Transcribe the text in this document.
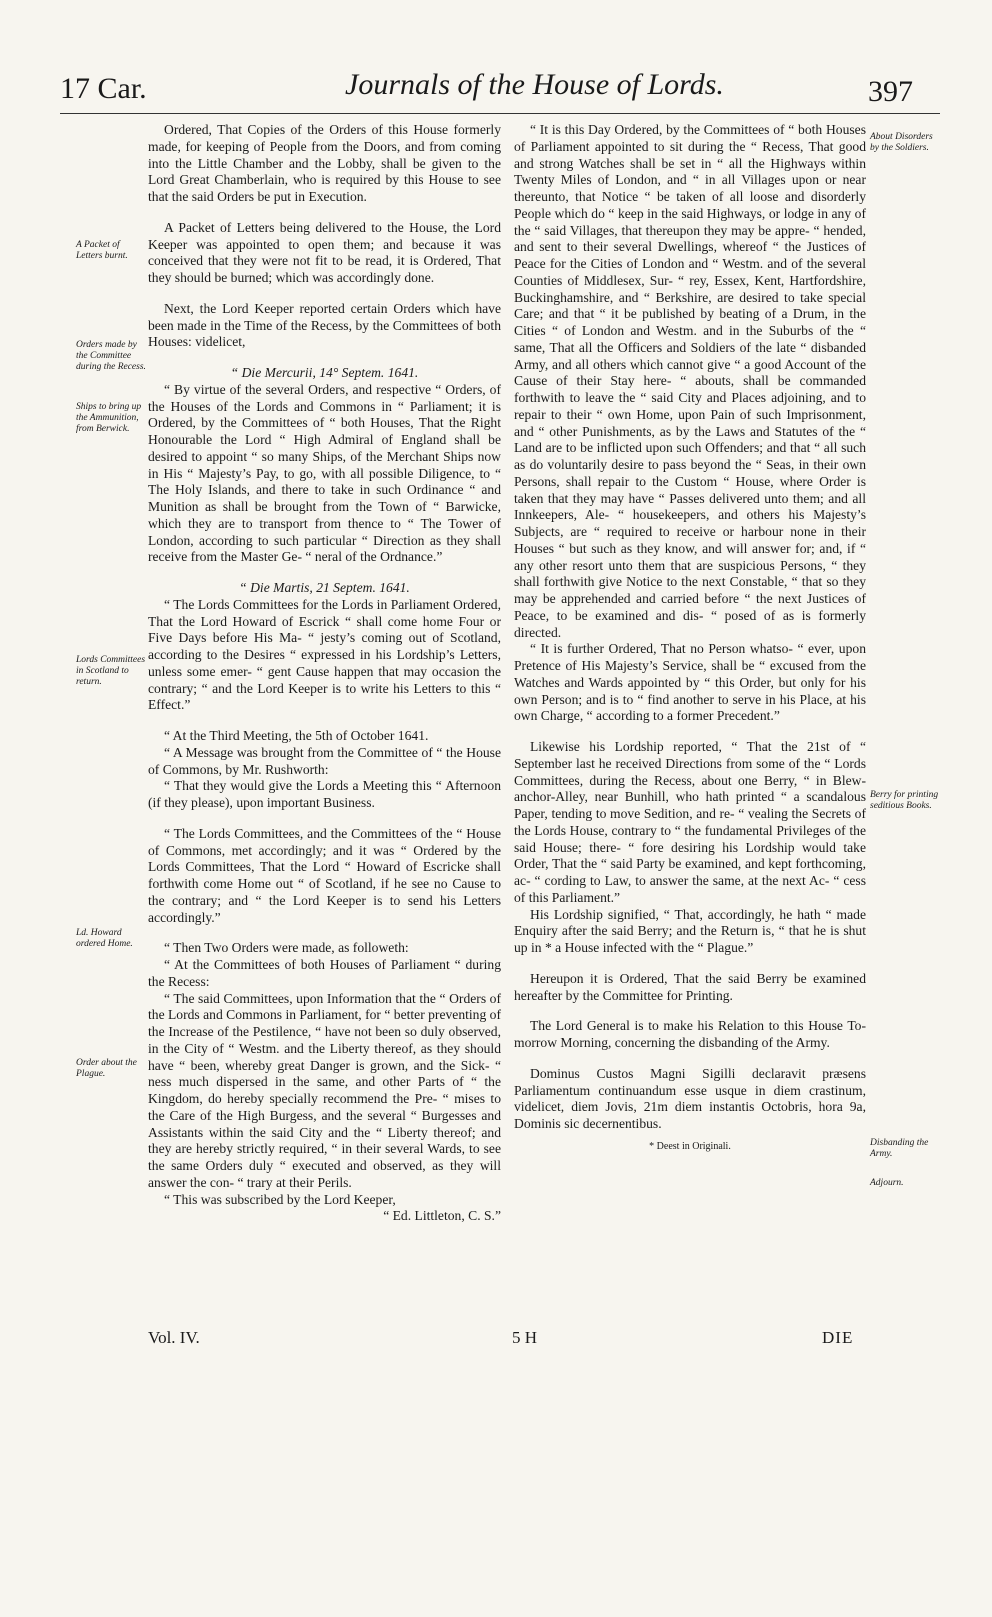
17 Car.	Journals of the House of Lords.	397

Ordered, That Copies of the Orders of this House formerly made, for keeping of People from the Doors, and from coming into the Little Chamber and the Lobby, shall be given to the Lord Great Chamberlain, who is required by this House to see that the said Orders be put in Execution.

A Packet of Letters being delivered to the House, the Lord Keeper was appointed to open them; and because it was conceived that they were not fit to be read, it is Ordered, That they should be burned; which was accordingly done.

Next, the Lord Keeper reported certain Orders which have been made in the Time of the Recess, by the Committees of both Houses: videlicet,

“ Die Mercurii, 14° Septem. 1641.

“ By virtue of the several Orders, and respective “ Orders, of the Houses of the Lords and Commons in “ Parliament; it is Ordered, by the Committees of “ both Houses, That the Right Honourable the Lord “ High Admiral of England shall be desired to appoint “ so many Ships, of the Merchant Ships now in His “ Majesty’s Pay, to go, with all possible Diligence, to “ The Holy Islands, and there to take in such Ordinance “ and Munition as shall be brought from the Town of “ Barwicke, which they are to transport from thence to “ The Tower of London, according to such particular “ Direction as they shall receive from the Master Ge- “ neral of the Ordnance.”

“ Die Martis, 21 Septem. 1641.

“ The Lords Committees for the Lords in Parliament Ordered, That the Lord Howard of Escrick “ shall come home Four or Five Days before His Ma- “ jesty’s coming out of Scotland, according to the Desires “ expressed in his Lordship’s Letters, unless some emer- “ gent Cause happen that may occasion the contrary; “ and the Lord Keeper is to write his Letters to this “ Effect.”

“ At the Third Meeting, the 5th of October 1641.

“ A Message was brought from the Committee of “ the House of Commons, by Mr. Rushworth:

“ That they would give the Lords a Meeting this “ Afternoon (if they please), upon important Business.

“ The Lords Committees, and the Committees of the “ House of Commons, met accordingly; and it was “ Ordered by the Lords Committees, That the Lord “ Howard of Escricke shall forthwith come Home out “ of Scotland, if he see no Cause to the contrary; and “ the Lord Keeper is to send his Letters accordingly.”

“ Then Two Orders were made, as followeth:

“ At the Committees of both Houses of Parliament “ during the Recess:

“ The said Committees, upon Information that the “ Orders of the Lords and Commons in Parliament, for “ better preventing of the Increase of the Pestilence, “ have not been so duly observed, in the City of “ Westm. and the Liberty thereof, as they should have “ been, whereby great Danger is grown, and the Sick- “ ness much dispersed in the same, and other Parts of “ the Kingdom, do hereby specially recommend the Pre- “ mises to the Care of the High Burgess, and the several “ Burgesses and Assistants within the said City and the “ Liberty thereof; and they are hereby strictly required, “ in their several Wards, to see the same Orders duly “ executed and observed, as they will answer the con- “ trary at their Perils.

“ This was subscribed by the Lord Keeper,

“ Ed. Littleton, C. S.”

“ It is this Day Ordered, by the Committees of “ both Houses of Parliament appointed to sit during the “ Recess, That good and strong Watches shall be set in “ all the Highways within Twenty Miles of London, and “ in all Villages upon or near thereunto, that Notice “ be taken of all loose and disorderly People which do “ keep in the said Highways, or lodge in any of the “ said Villages, that thereupon they may be appre- “ hended, and sent to their several Dwellings, whereof “ the Justices of Peace for the Cities of London and “ Westm. and of the several Counties of Middlesex, Sur- “ rey, Essex, Kent, Hartfordshire, Buckinghamshire, and “ Berkshire, are desired to take special Care; and that “ it be published by beating of a Drum, in the Cities “ of London and Westm. and in the Suburbs of the “ same, That all the Officers and Soldiers of the late “ disbanded Army, and all others which cannot give “ a good Account of the Cause of their Stay here- “ abouts, shall be commanded forthwith to leave the “ said City and Places adjoining, and to repair to their “ own Home, upon Pain of such Imprisonment, and “ other Punishments, as by the Laws and Statutes of the “ Land are to be inflicted upon such Offenders; and that “ all such as do voluntarily desire to pass beyond the “ Seas, in their own Persons, shall repair to the Custom “ House, where Order is taken that they may have “ Passes delivered unto them; and all Innkeepers, Ale- “ housekeepers, and others his Majesty’s Subjects, are “ required to receive or harbour none in their Houses “ but such as they know, and will answer for; and, if “ any other resort unto them that are suspicious Persons, “ they shall forthwith give Notice to the next Constable, “ that so they may be apprehended and carried before “ the next Justices of Peace, to be examined and dis- “ posed of as is formerly directed.

“ It is further Ordered, That no Person whatso- “ ever, upon Pretence of His Majesty’s Service, shall be “ excused from the Watches and Wards appointed by “ this Order, but only for his own Person; and is to “ find another to serve in his Place, at his own Charge, “ according to a former Precedent.”

Likewise his Lordship reported, “ That the 21st of “ September last he received Directions from some of the “ Lords Committees, during the Recess, about one Berry, “ in Blew-anchor-Alley, near Bunhill, who hath printed “ a scandalous Paper, tending to move Sedition, and re- “ vealing the Secrets of the Lords House, contrary to “ the fundamental Privileges of the said House; there- “ fore desiring his Lordship would take Order, That the “ said Party be examined, and kept forthcoming, ac- “ cording to Law, to answer the same, at the next Ac- “ cess of this Parliament.”

His Lordship signified, “ That, accordingly, he hath “ made Enquiry after the said Berry; and the Return is, “ that he is shut up in * a House infected with the “ Plague.”

Hereupon it is Ordered, That the said Berry be examined hereafter by the Committee for Printing.

The Lord General is to make his Relation to this House To-morrow Morning, concerning the disbanding of the Army.

Dominus Custos Magni Sigilli declaravit præsens Parliamentum continuandum esse usque in diem crastinum, videlicet, diem Jovis, 21m diem instantis Octobris, hora 9a, Dominis sic decernentibus.

* Deest in Originali.

A Packet of Letters burnt.
Orders made by the Committee during the Recess.
Ships to bring up the Ammunition, from Berwick.
Lords Committees in Scotland to return.
Ld. Howard ordered Home.
Order about the Plague.
About Disorders by the Soldiers.
Berry for printing seditious Books.
Disbanding the Army.
Adjourn.
Vol. IV.	5 H	DIE
